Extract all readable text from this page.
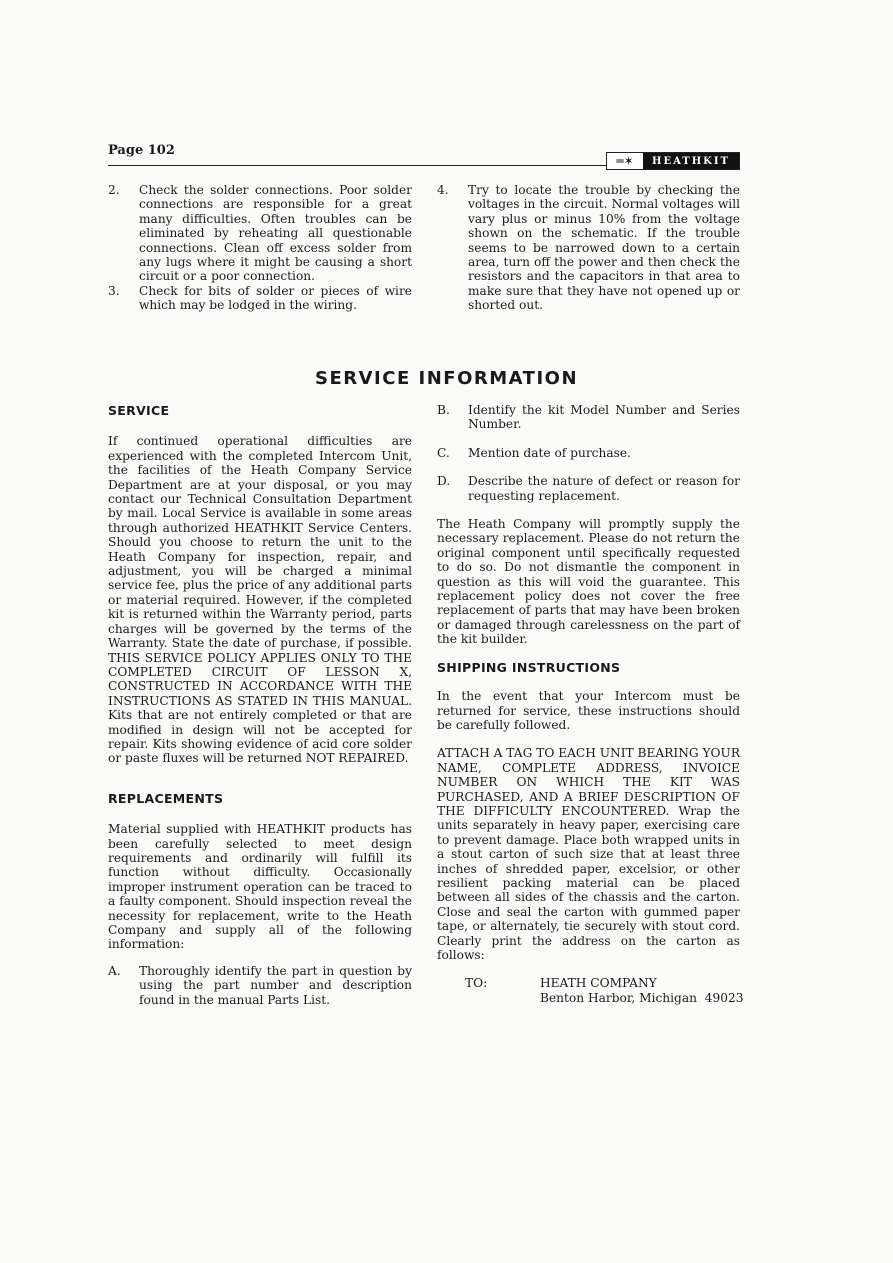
Page 102
═✶	HEATHKIT
2. Check the solder connections. Poor solder connections are responsible for a great many difficulties. Often troubles can be eliminated by reheating all questionable connections. Clean off excess solder from any lugs where it might be causing a short circuit or a poor connection.

3. Check for bits of solder or pieces of wire which may be lodged in the wiring.

4. Try to locate the trouble by checking the voltages in the circuit. Normal voltages will vary plus or minus 10% from the voltage shown on the schematic. If the trouble seems to be narrowed down to a certain area, turn off the power and then check the resistors and the capacitors in that area to make sure that they have not opened up or shorted out.

SERVICE INFORMATION

SERVICE

If continued operational difficulties are experienced with the completed Intercom Unit, the facilities of the Heath Company Service Department are at your disposal, or you may contact our Technical Consultation Department by mail. Local Service is available in some areas through authorized HEATHKIT Service Centers. Should you choose to return the unit to the Heath Company for inspection, repair, and adjustment, you will be charged a minimal service fee, plus the price of any additional parts or material required. However, if the completed kit is returned within the Warranty period, parts charges will be governed by the terms of the Warranty. State the date of purchase, if possible. THIS SERVICE POLICY APPLIES ONLY TO THE COMPLETED CIRCUIT OF LESSON X, CONSTRUCTED IN ACCORDANCE WITH THE INSTRUCTIONS AS STATED IN THIS MANUAL. Kits that are not entirely completed or that are modified in design will not be accepted for repair. Kits showing evidence of acid core solder or paste fluxes will be returned NOT REPAIRED.

REPLACEMENTS

Material supplied with HEATHKIT products has been carefully selected to meet design requirements and ordinarily will fulfill its function without difficulty. Occasionally improper instrument operation can be traced to a faulty component. Should inspection reveal the necessity for replacement, write to the Heath Company and supply all of the following information:

A. Thoroughly identify the part in question by using the part number and description found in the manual Parts List.

B. Identify the kit Model Number and Series Number.

C. Mention date of purchase.

D. Describe the nature of defect or reason for requesting replacement.

The Heath Company will promptly supply the necessary replacement. Please do not return the original component until specifically requested to do so. Do not dismantle the component in question as this will void the guarantee. This replacement policy does not cover the free replacement of parts that may have been broken or damaged through carelessness on the part of the kit builder.

SHIPPING INSTRUCTIONS

In the event that your Intercom must be returned for service, these instructions should be carefully followed.

ATTACH A TAG TO EACH UNIT BEARING YOUR NAME, COMPLETE ADDRESS, INVOICE NUMBER ON WHICH THE KIT WAS PURCHASED, AND A BRIEF DESCRIPTION OF THE DIFFICULTY ENCOUNTERED. Wrap the units separately in heavy paper, exercising care to prevent damage. Place both wrapped units in a stout carton of such size that at least three inches of shredded paper, excelsior, or other resilient packing material can be placed between all sides of the chassis and the carton. Close and seal the carton with gummed paper tape, or alternately, tie securely with stout cord. Clearly print the address on the carton as follows:

TO:	HEATH COMPANY
Benton Harbor, Michigan  49023
